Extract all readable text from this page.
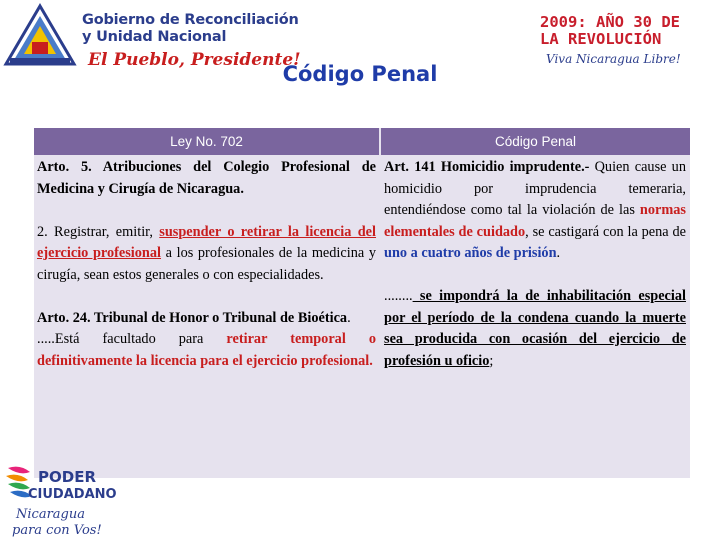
Gobierno de Reconciliación
y Unidad Nacional
El Pueblo, Presidente!
2009: AÑO 30 DE
LA REVOLUCIÓN
Viva Nicaragua Libre!
Código Penal
Ley No. 702	Código Penal

Arto. 5. Atribuciones del Colegio Profesional de Medicina y Cirugía de Nicaragua.

2. Registrar, emitir, suspender o retirar la licencia del ejercicio profesional a los profesionales de la medicina y cirugía, sean estos generales o con especialidades.

Arto. 24. Tribunal de Honor o Tribunal de Bioética.
.....Está facultado para retirar temporal o definitivamente la licencia para el ejercicio profesional.

Art. 141 Homicidio imprudente.- Quien cause un homicidio por imprudencia temeraria, entendiéndose como tal la violación de las normas elementales de cuidado, se castigará con la pena de uno a cuatro años de prisión.

........ se impondrá la de inhabilitación especial por el período de la condena cuando la muerte sea producida con ocasión del ejercicio de profesión u oficio;

PODER
CIUDADANO
Nicaragua
para con Vos!
